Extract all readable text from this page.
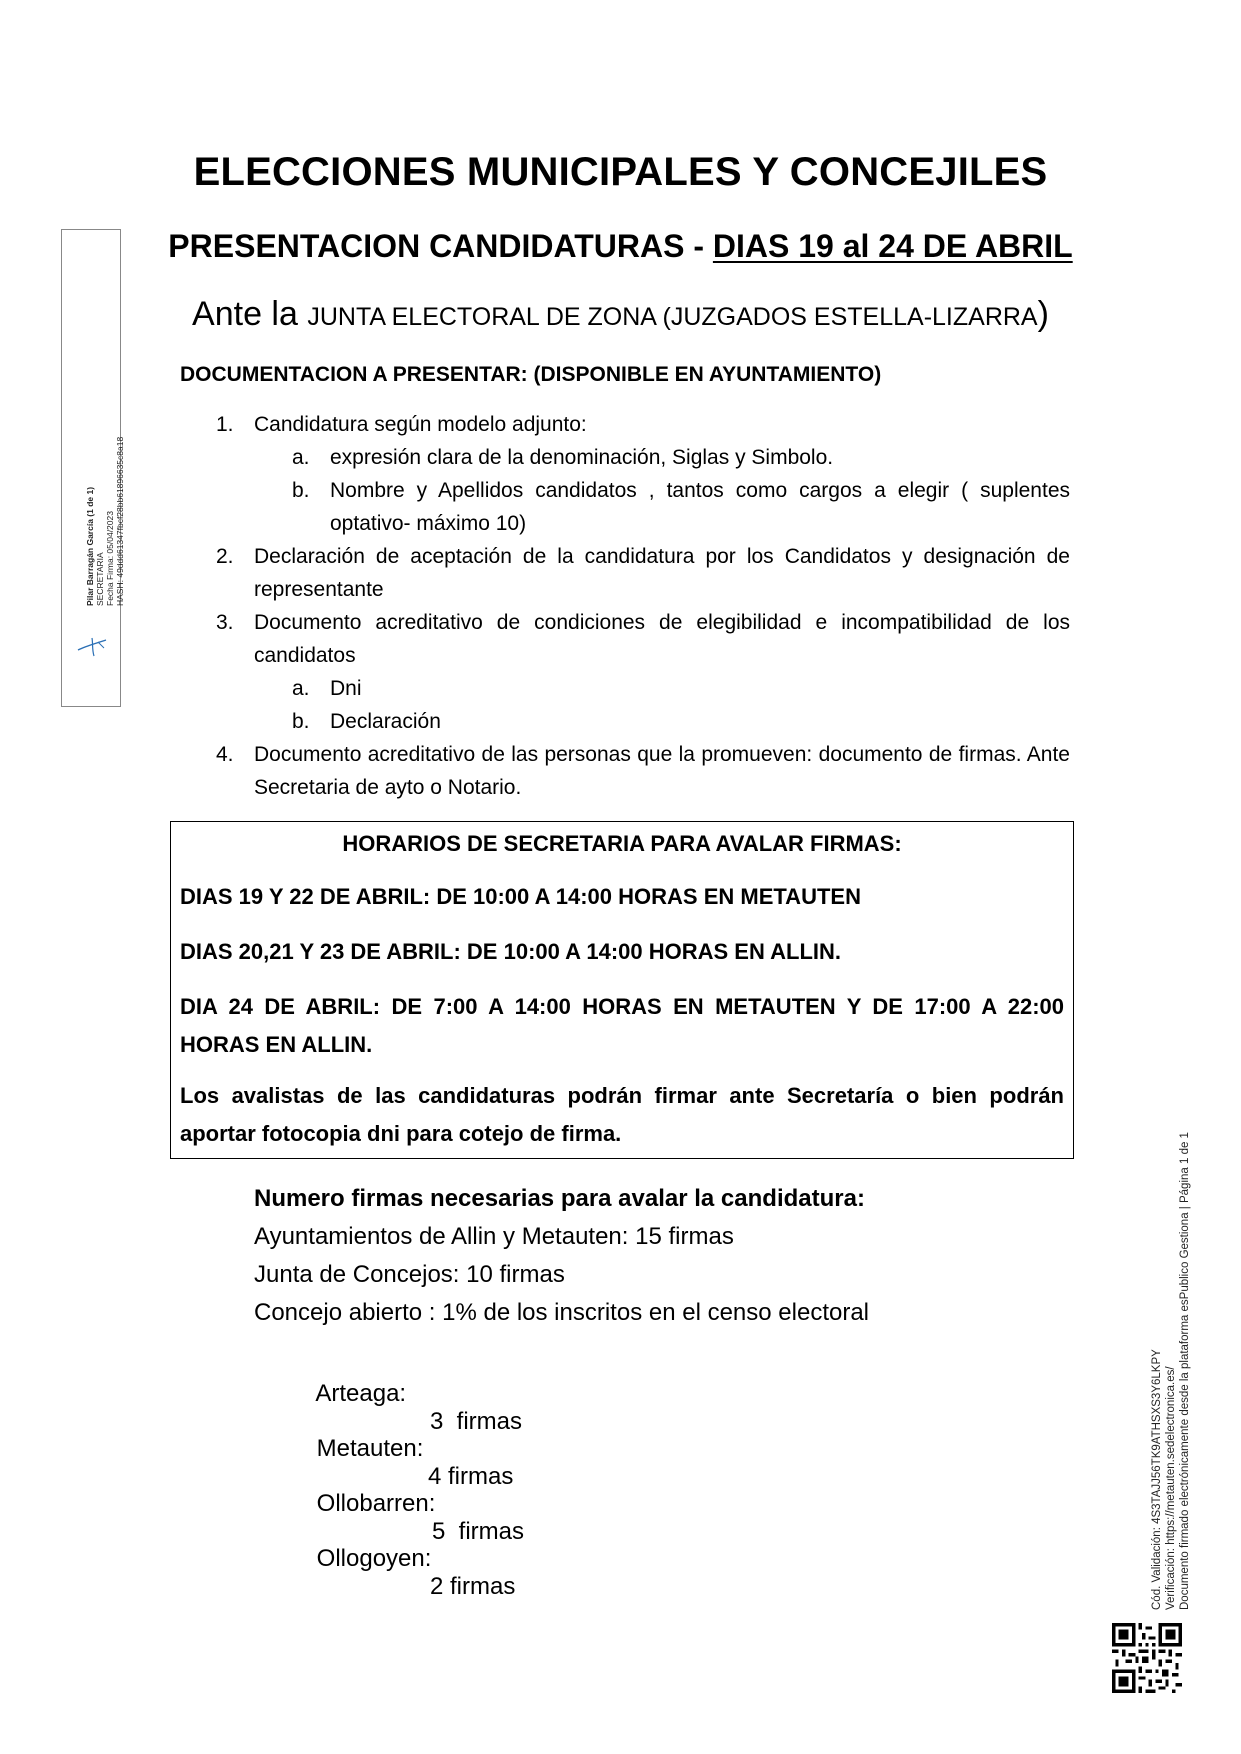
ELECCIONES MUNICIPALES Y CONCEJILES
PRESENTACION CANDIDATURAS - DIAS 19 al 24 DE ABRIL
Ante la JUNTA ELECTORAL DE ZONA (JUZGADOS ESTELLA-LIZARRA)
DOCUMENTACION A PRESENTAR: (DISPONIBLE EN AYUNTAMIENTO)
1. Candidatura según modelo adjunto:
a. expresión clara de la denominación, Siglas y Simbolo.
b. Nombre y Apellidos candidatos , tantos como cargos a elegir ( suplentes optativo- máximo 10)
2. Declaración de aceptación de la candidatura por los Candidatos y designación de representante
3. Documento acreditativo de condiciones de elegibilidad e incompatibilidad de los candidatos
a. Dni
b. Declaración
4. Documento acreditativo de las personas que la promueven: documento de firmas. Ante Secretaria de ayto o Notario.
HORARIOS DE SECRETARIA PARA AVALAR FIRMAS:
DIAS 19 Y 22 DE ABRIL: DE 10:00 A 14:00 HORAS EN METAUTEN
DIAS 20,21 Y 23 DE ABRIL: DE 10:00 A 14:00 HORAS EN ALLIN.
DIA 24 DE ABRIL: DE 7:00 A 14:00 HORAS EN METAUTEN Y DE 17:00 A 22:00 HORAS EN ALLIN.
Los avalistas de las candidaturas podrán firmar ante Secretaría o bien podrán aportar fotocopia dni para cotejo de firma.
Numero firmas necesarias para avalar la candidatura:
Ayuntamientos de Allin y Metauten: 15 firmas
Junta de Concejos: 10 firmas
Concejo abierto : 1% de los inscritos en el censo electoral

Arteaga:

3  firmas

Metauten:

4 firmas

Ollobarren:

5  firmas

Ollogoyen:

2 firmas

Pilar Barragán García (1 de 1) SECRETARIA Fecha Firma: 05/04/2023 HASH: 49ddd61347fbcf28bb61896635c8a18
Cód. Validación: 4S3TAJJ56TK9ATHSXS3Y6LKPY Verificación: https://metauten.sedelectronica.es/ Documento firmado electrónicamente desde la plataforma esPublico Gestiona | Página 1 de 1
